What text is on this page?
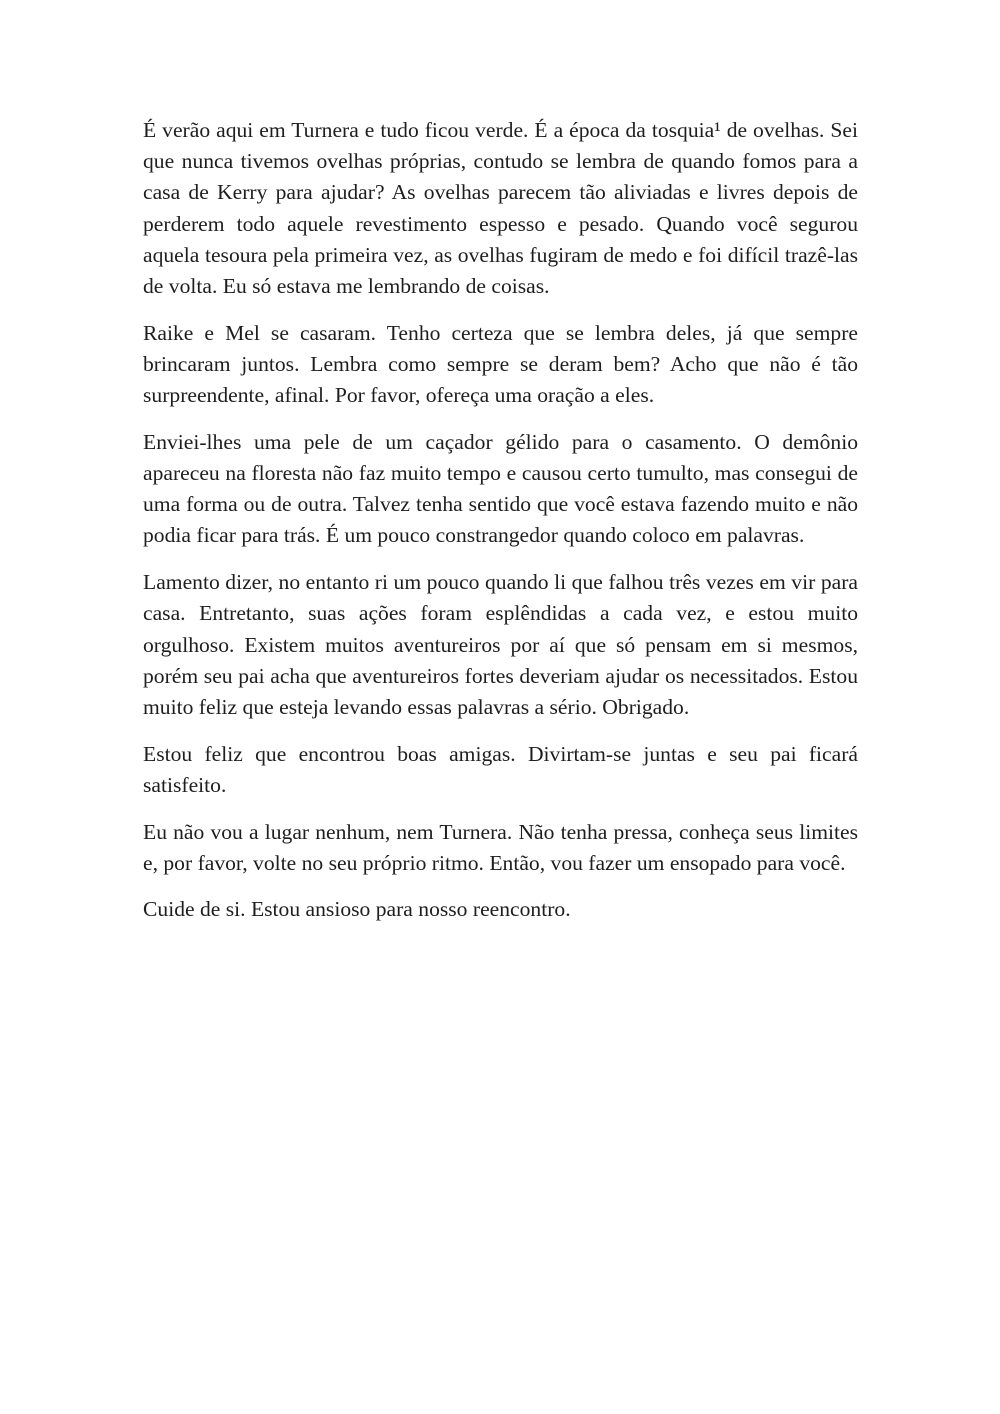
É verão aqui em Turnera e tudo ficou verde. É a época da tosquia¹ de ovelhas. Sei que nunca tivemos ovelhas próprias, contudo se lembra de quando fomos para a casa de Kerry para ajudar? As ovelhas parecem tão aliviadas e livres depois de perderem todo aquele revestimento espesso e pesado. Quando você segurou aquela tesoura pela primeira vez, as ovelhas fugiram de medo e foi difícil trazê-las de volta. Eu só estava me lembrando de coisas.

Raike e Mel se casaram. Tenho certeza que se lembra deles, já que sempre brincaram juntos. Lembra como sempre se deram bem? Acho que não é tão surpreendente, afinal. Por favor, ofereça uma oração a eles.

Enviei-lhes uma pele de um caçador gélido para o casamento. O demônio apareceu na floresta não faz muito tempo e causou certo tumulto, mas consegui de uma forma ou de outra. Talvez tenha sentido que você estava fazendo muito e não podia ficar para trás. É um pouco constrangedor quando coloco em palavras.

Lamento dizer, no entanto ri um pouco quando li que falhou três vezes em vir para casa. Entretanto, suas ações foram esplêndidas a cada vez, e estou muito orgulhoso. Existem muitos aventureiros por aí que só pensam em si mesmos, porém seu pai acha que aventureiros fortes deveriam ajudar os necessitados. Estou muito feliz que esteja levando essas palavras a sério. Obrigado.

Estou feliz que encontrou boas amigas. Divirtam-se juntas e seu pai ficará satisfeito.

Eu não vou a lugar nenhum, nem Turnera. Não tenha pressa, conheça seus limites e, por favor, volte no seu próprio ritmo. Então, vou fazer um ensopado para você.

Cuide de si. Estou ansioso para nosso reencontro.
